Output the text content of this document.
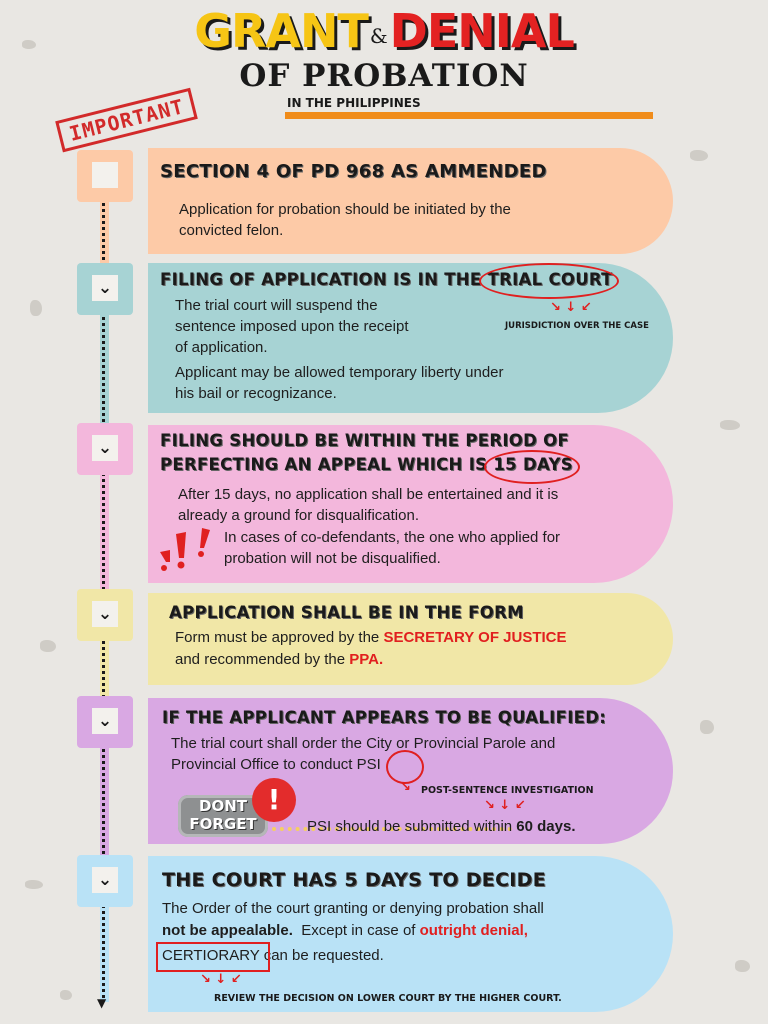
GRANT &DENIAL
OF PROBATION
IN THE PHILIPPINES
IMPORTANT
▼
⌄
⌄
⌄
⌄
⌄
SECTION 4 OF PD 968 AS AMMENDED
Application for probation should be initiated by the
convicted felon.
FILING OF APPLICATION IS IN THE TRIAL COURT
↘ ↓ ↙
JURISDICTION OVER THE CASE
The trial court will suspend the
sentence imposed upon the receipt
of application.
Applicant may be allowed temporary liberty under
his bail or recognizance.
FILING SHOULD BE WITHIN THE PERIOD OF
PERFECTING AN APPEAL WHICH IS 15 DAYS
After 15 days, no application shall be entertained and it is
already a ground for disqualification.
In cases of co-defendants, the one who applied for
probation will not be disqualified.
APPLICATION SHALL BE IN THE FORM
Form must be approved by the SECRETARY OF JUSTICE
and recommended by the PPA.
IF THE APPLICANT APPEARS TO BE QUALIFIED:
The trial court shall order the City or Provincial Parole and
Provincial Office to conduct PSI
↘ POST-SENTENCE INVESTIGATION
↘ ↓ ↙
DONT
FORGET
!
PSI should be submitted within 60 days.
THE COURT HAS 5 DAYS TO DECIDE
The Order of the court granting or denying probation shall
not be appealable. Except in case of outright denial,
CERTIORARY can be requested.
↘ ↓ ↙
REVIEW THE DECISION ON LOWER COURT BY THE HIGHER COURT.
